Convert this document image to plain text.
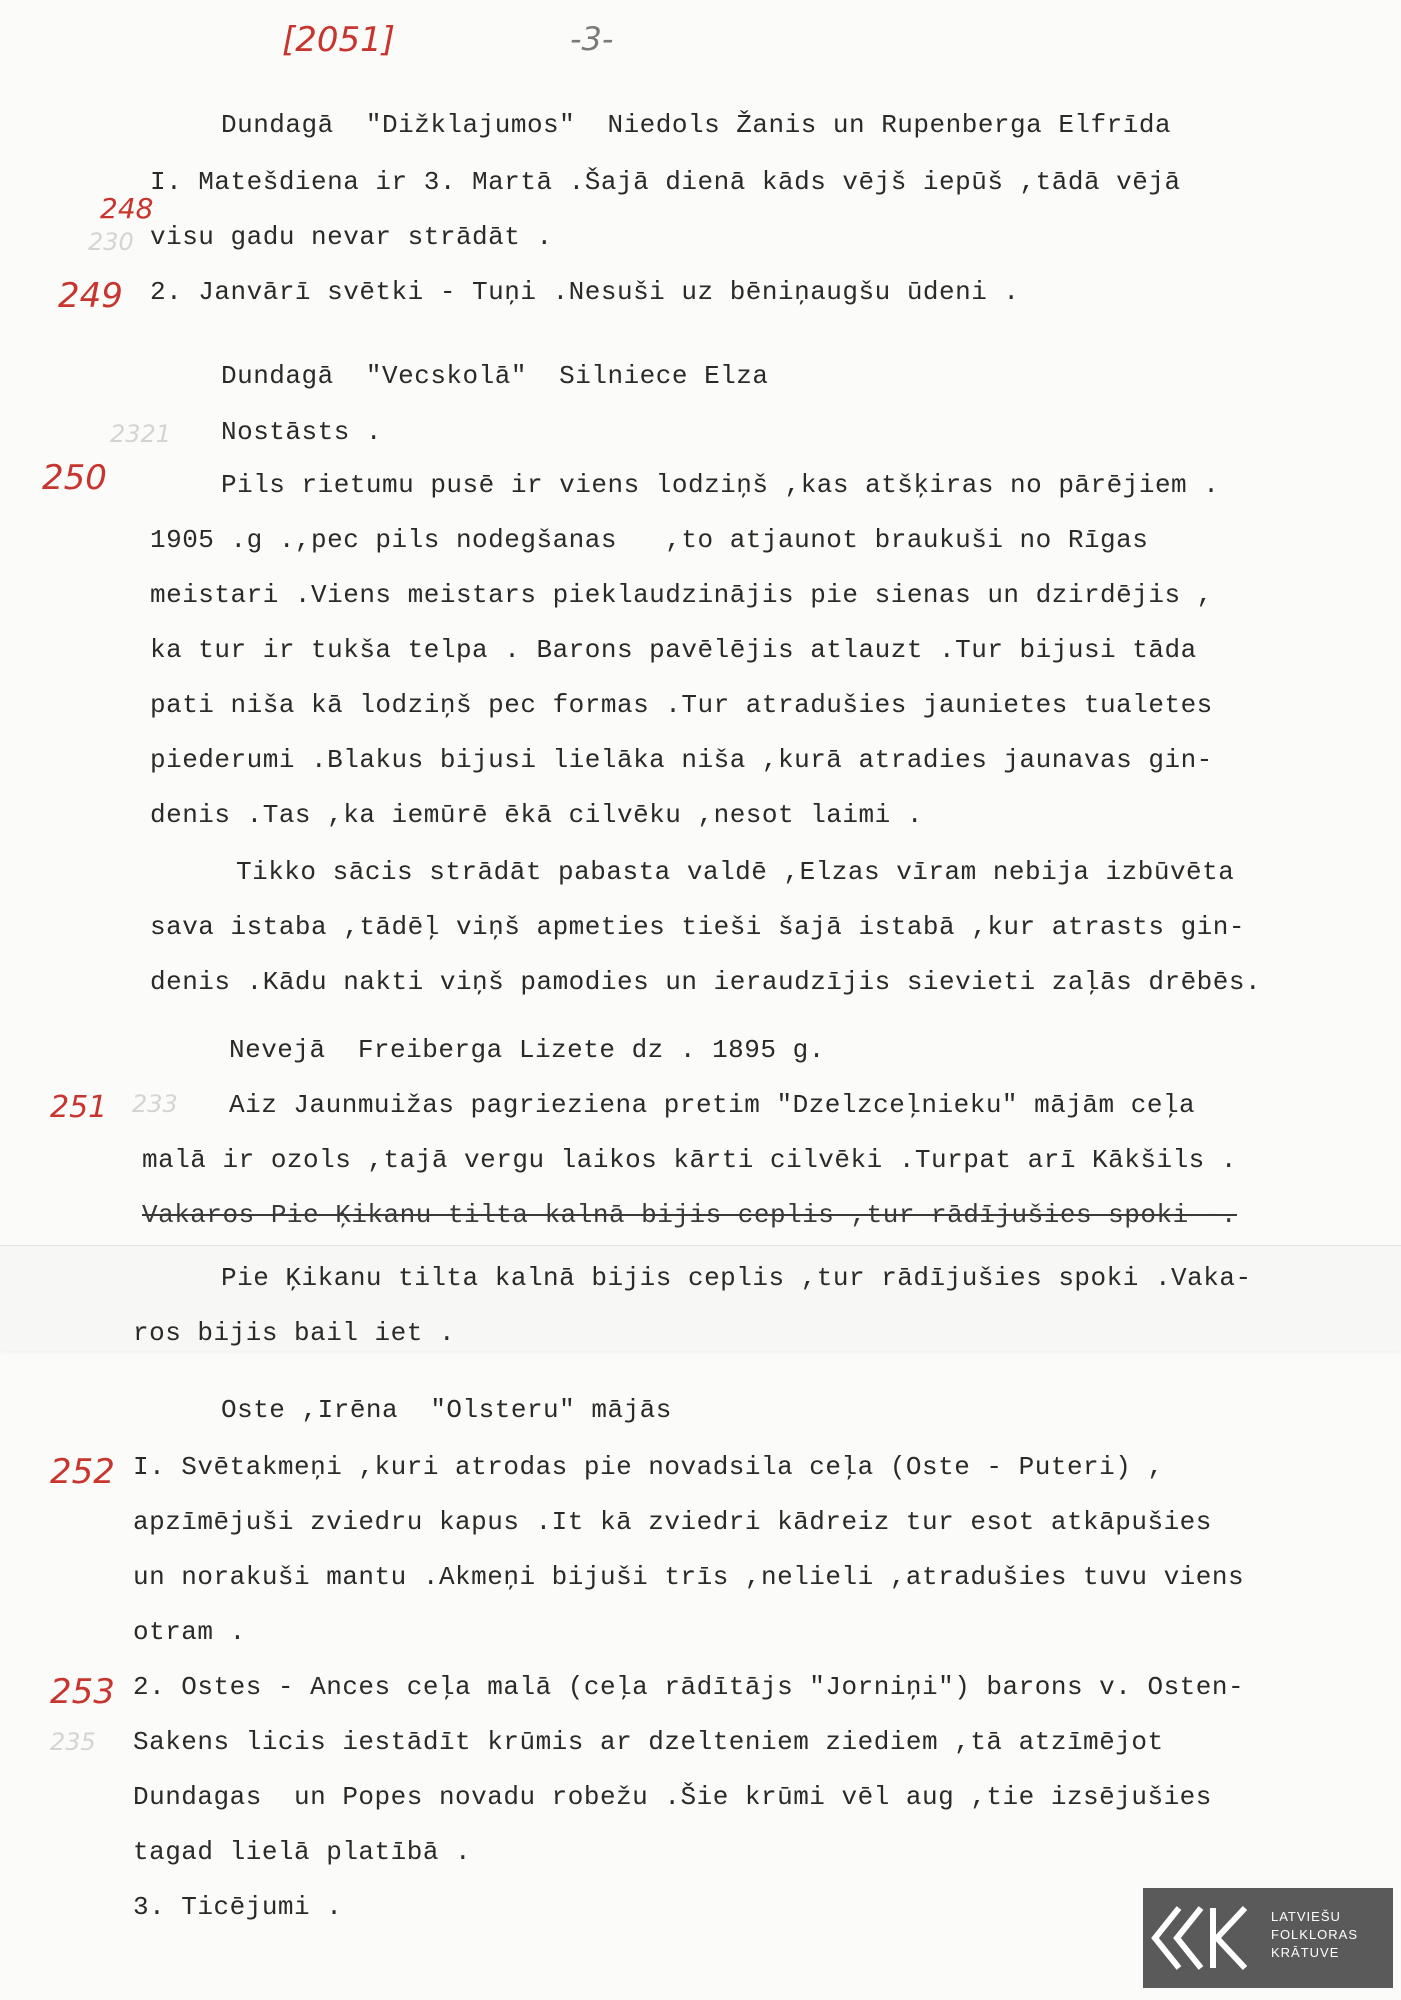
[2051]	-3-
248
249
250
251
252
253
230
2321
233
235
Dundagā  "Dižklajumos"  Niedols Žanis un Rupenberga Elfrīda
I. Matešdiena ir 3. Martā .Šajā dienā kāds vējš iepūš ,tādā vējā
visu gadu nevar strādāt .
2. Janvārī svētki - Tuņi .Nesuši uz bēniņaugšu ūdeni .
Dundagā  "Vecskolā"  Silniece Elza
Nostāsts .
Pils rietumu pusē ir viens lodziņš ,kas atšķiras no pārējiem .
1905 .g .,pec pils nodegšanas   ,to atjaunot braukuši no Rīgas
meistari .Viens meistars pieklaudzinājis pie sienas un dzirdējis ,
ka tur ir tukša telpa . Barons pavēlējis atlauzt .Tur bijusi tāda
pati niša kā lodziņš pec formas .Tur atradušies jaunietes tualetes
piederumi .Blakus bijusi lielāka niša ,kurā atradies jaunavas gin-
denis .Tas ,ka iemūrē ēkā cilvēku ,nesot laimi .
Tikko sācis strādāt pabasta valdē ,Elzas vīram nebija izbūvēta
sava istaba ,tādēļ viņš apmeties tieši šajā istabā ,kur atrasts gin-
denis .Kādu nakti viņš pamodies un ieraudzījis sievieti zaļās drēbēs.
Nevejā  Freiberga Lizete dz . 1895 g.
Aiz Jaunmuižas pagrieziena pretim "Dzelzceļnieku" mājām ceļa
malā ir ozols ,tajā vergu laikos kārti cilvēki .Turpat arī Kākšils .
Vakaros Pie Ķikanu tilta kalnā bijis ceplis ,tur rādījušies spoki -.
Pie Ķikanu tilta kalnā bijis ceplis ,tur rādījušies spoki .Vaka-
ros bijis bail iet .
Oste ,Irēna  "Olsteru" mājās
I. Svētakmeņi ,kuri atrodas pie novadsila ceļa (Oste - Puteri) ,
apzīmējuši zviedru kapus .It kā zviedri kādreiz tur esot atkāpušies
un norakuši mantu .Akmeņi bijuši trīs ,nelieli ,atradušies tuvu viens
otram .
2. Ostes - Ances ceļa malā (ceļa rādītājs "Jorniņi") barons v. Osten-
Sakens licis iestādīt krūmis ar dzelteniem ziediem ,tā atzīmējot
Dundagas  un Popes novadu robežu .Šie krūmi vēl aug ,tie izsējušies
tagad lielā platībā .
3. Ticējumi .	LATVIEŠU
FOLKLORAS
KRĀTUVE
